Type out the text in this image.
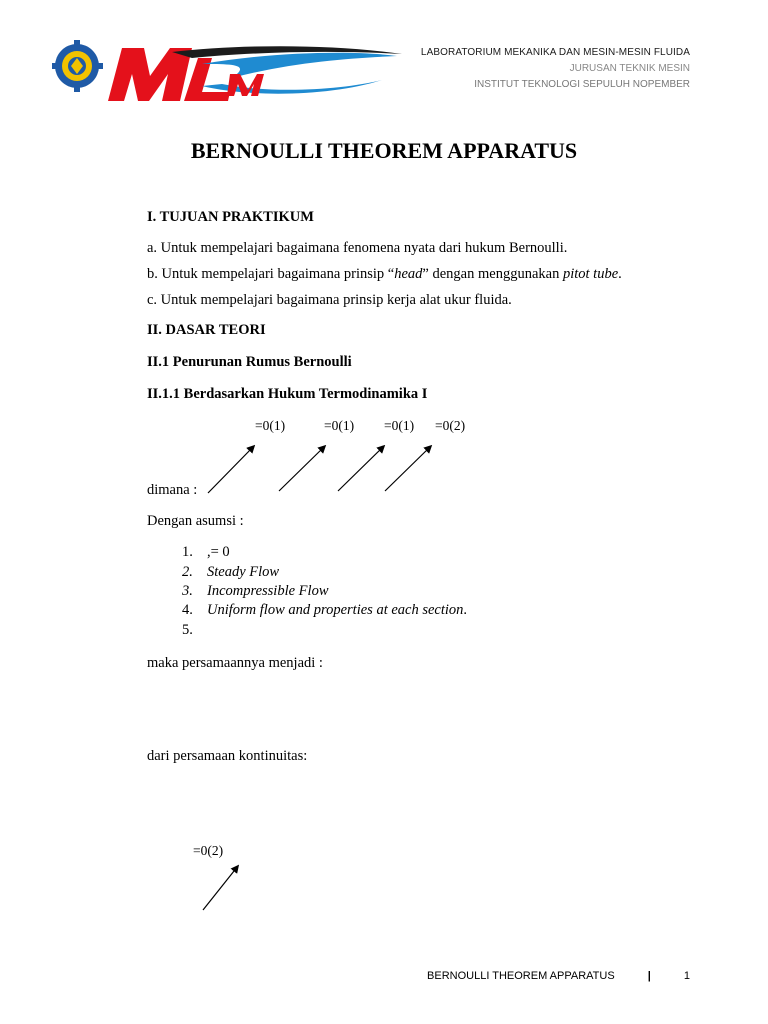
LABORATORIUM MEKANIKA DAN MESIN-MESIN FLUIDA
JURUSAN TEKNIK MESIN
INSTITUT TEKNOLOGI SEPULUH NOPEMBER
BERNOULLI THEOREM APPARATUS
I. TUJUAN PRAKTIKUM
a. Untuk mempelajari bagaimana fenomena nyata dari hukum Bernoulli.
b. Untuk mempelajari bagaimana prinsip “head” dengan menggunakan pitot tube.
c. Untuk mempelajari bagaimana prinsip kerja alat ukur fluida.
II. DASAR TEORI
II.1 Penurunan Rumus Bernoulli
II.1.1 Berdasarkan Hukum Termodinamika I
=0(1)	=0(1) =0(1) =0(2)
dimana :
Dengan asumsi :
1. ,= 0
2. Steady Flow
3. Incompressible Flow
4. Uniform flow and properties at each section.
5.
maka persamaannya menjadi :
dari persamaan kontinuitas:
=0(2)
BERNOULLI THEOREM APPARATUS	|	1
